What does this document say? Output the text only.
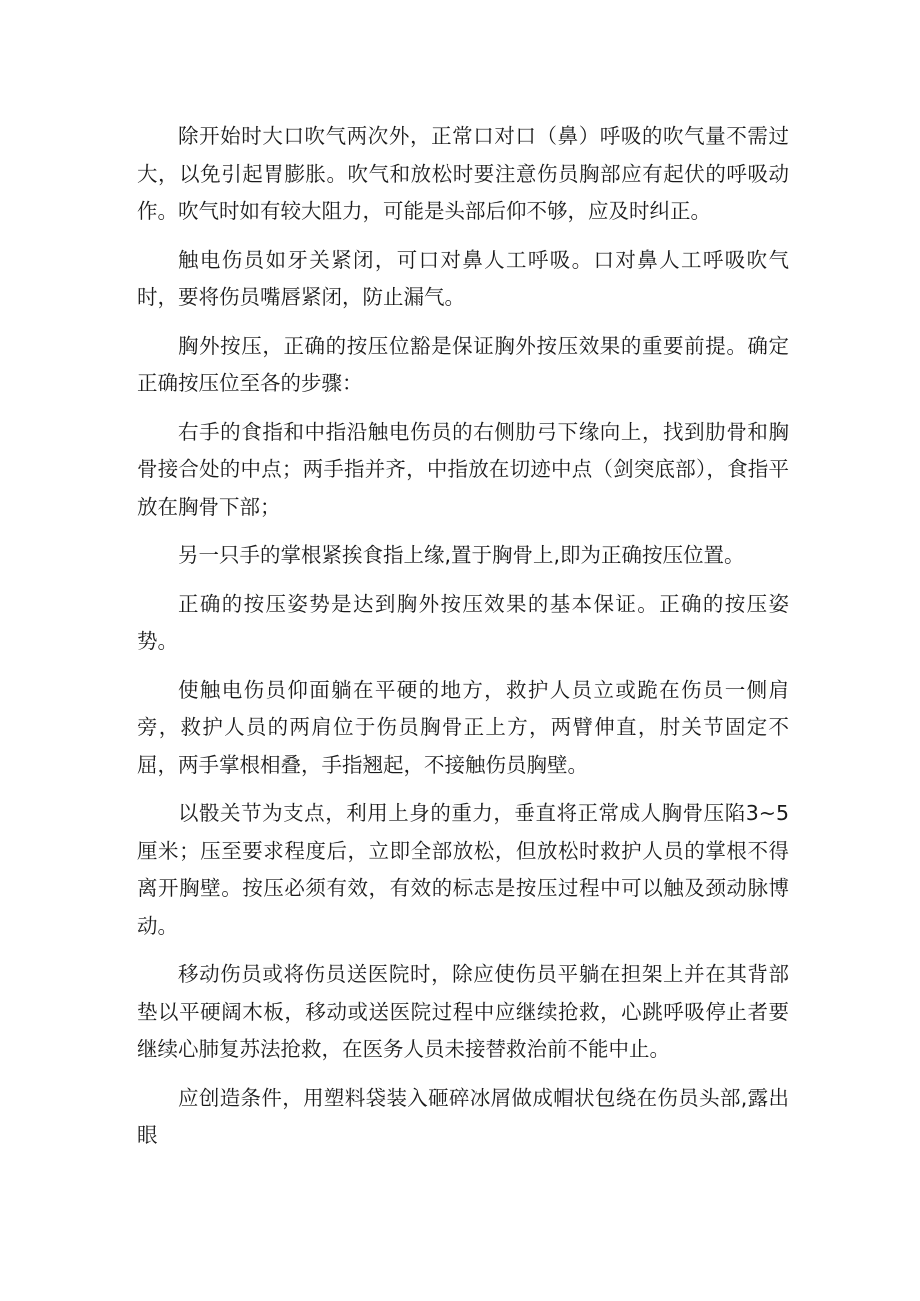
除开始时大口吹气两次外，正常口对口（鼻）呼吸的吹气量不需过大，以免引起胃膨胀。吹气和放松时要注意伤员胸部应有起伏的呼吸动作。吹气时如有较大阻力，可能是头部后仰不够，应及时纠正。

触电伤员如牙关紧闭，可口对鼻人工呼吸。口对鼻人工呼吸吹气时，要将伤员嘴唇紧闭，防止漏气。

胸外按压，正确的按压位豁是保证胸外按压效果的重要前提。确定正确按压位至各的步骤：

右手的食指和中指沿触电伤员的右侧肋弓下缘向上，找到肋骨和胸骨接合处的中点；两手指并齐，中指放在切迹中点（剑突底部），食指平放在胸骨下部；

另一只手的掌根紧挨食指上缘,置于胸骨上,即为正确按压位置。

正确的按压姿势是达到胸外按压效果的基本保证。正确的按压姿势。

使触电伤员仰面躺在平硬的地方，救护人员立或跪在伤员一侧肩旁，救护人员的两肩位于伤员胸骨正上方，两臂伸直，肘关节固定不屈，两手掌根相叠，手指翘起，不接触伤员胸壁。

以骰关节为支点，利用上身的重力，垂直将正常成人胸骨压陷3~5厘米；压至要求程度后，立即全部放松，但放松时救护人员的掌根不得离开胸壁。按压必须有效，有效的标志是按压过程中可以触及颈动脉博动。

移动伤员或将伤员送医院时，除应使伤员平躺在担架上并在其背部垫以平硬阔木板，移动或送医院过程中应继续抢救，心跳呼吸停止者要继续心肺复苏法抢救，在医务人员未接替救治前不能中止。

应创造条件，用塑料袋装入砸碎冰屑做成帽状包绕在伤员头部,露出眼
